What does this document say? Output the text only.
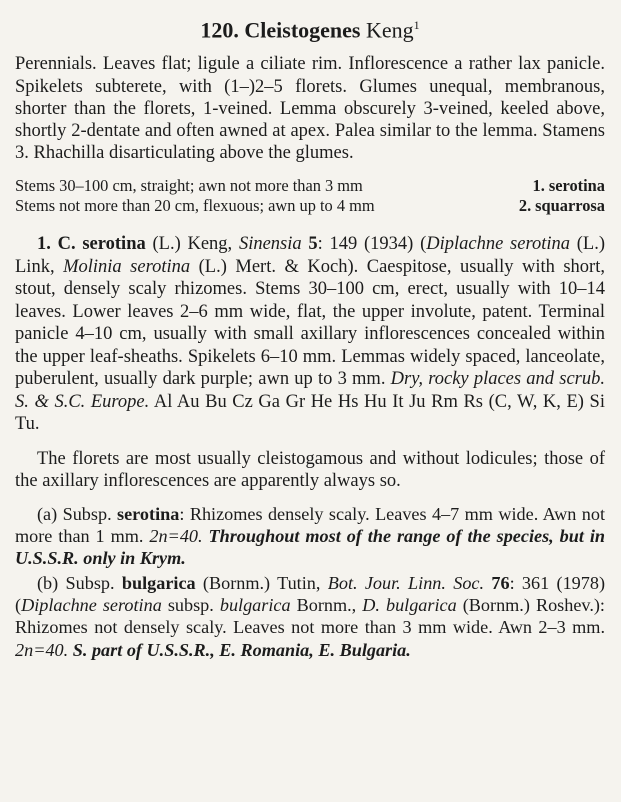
120. Cleistogenes Keng$^1$

Perennials. Leaves flat; ligule a ciliate rim. Inflorescence a rather lax panicle. Spikelets subterete, with (1–)2–5 florets. Glumes unequal, membranous, shorter than the florets, 1-veined. Lemma obscurely 3-veined, keeled above, shortly 2-dentate and often awned at apex. Palea similar to the lemma. Stamens 3. Rhachilla disarticulating above the glumes.

Stems 30–100 cm, straight; awn not more than 3 mm	1. serotina
Stems not more than 20 cm, flexuous; awn up to 4 mm	2. squarrosa

1. C. serotina (L.) Keng, Sinensia 5: 149 (1934) (Diplachne serotina (L.) Link, Molinia serotina (L.) Mert. & Koch). Caespitose, usually with short, stout, densely scaly rhizomes. Stems 30–100 cm, erect, usually with 10–14 leaves. Lower leaves 2–6 mm wide, flat, the upper involute, patent. Terminal panicle 4–10 cm, usually with small axillary inflorescences concealed within the upper leaf-sheaths. Spikelets 6–10 mm. Lemmas widely spaced, lanceolate, puberulent, usually dark purple; awn up to 3 mm. Dry, rocky places and scrub. S. & S.C. Europe. Al Au Bu Cz Ga Gr He Hs Hu It Ju Rm Rs (C, W, K, E) Si Tu.

The florets are most usually cleistogamous and without lodicules; those of the axillary inflorescences are apparently always so.

(a) Subsp. serotina: Rhizomes densely scaly. Leaves 4–7 mm wide. Awn not more than 1 mm. 2n=40. Throughout most of the range of the species, but in U.S.S.R. only in Krym.

(b) Subsp. bulgarica (Bornm.) Tutin, Bot. Jour. Linn. Soc. 76: 361 (1978) (Diplachne serotina subsp. bulgarica Bornm., D. bulgarica (Bornm.) Roshev.): Rhizomes not densely scaly. Leaves not more than 3 mm wide. Awn 2–3 mm. 2n=40. S. part of U.S.S.R., E. Romania, E. Bulgaria.
